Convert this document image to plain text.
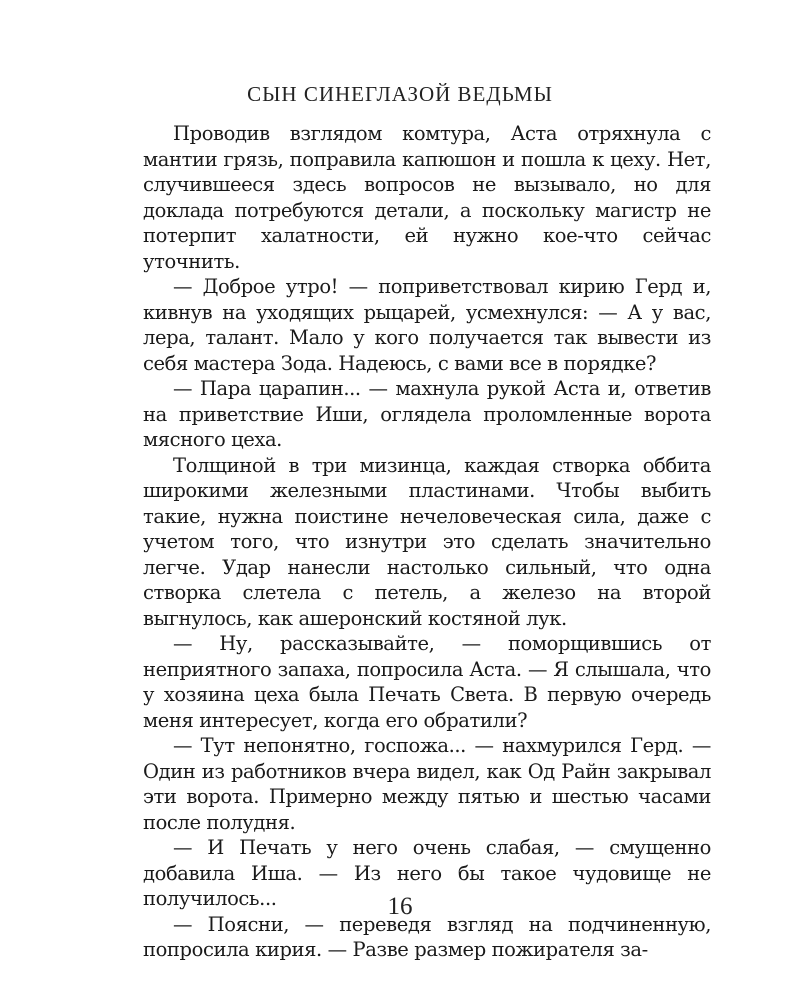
СЫН СИНЕГЛАЗОЙ ВЕДЬМЫ

Проводив взглядом комтура, Аста отряхнула с мантии грязь, поправила капюшон и пошла к цеху. Нет, случившееся здесь вопросов не вызывало, но для доклада потребуются детали, а поскольку магистр не потерпит халатности, ей нужно кое-что сейчас уточнить.

— Доброе утро! — поприветствовал кирию Герд и, кивнув на уходящих рыцарей, усмехнулся: — А у вас, лера, талант. Мало у кого получается так вывести из себя мастера Зода. Надеюсь, с вами все в порядке?

— Пара царапин... — махнула рукой Аста и, ответив на приветствие Иши, оглядела проломленные ворота мясного цеха.

Толщиной в три мизинца, каждая створка оббита широкими железными пластинами. Чтобы выбить такие, нужна поистине нечеловеческая сила, даже с учетом того, что изнутри это сделать значительно легче. Удар нанесли настолько сильный, что одна створка слетела с петель, а железо на второй выгнулось, как ашеронский костяной лук.

— Ну, рассказывайте, — поморщившись от неприятного запаха, попросила Аста. — Я слышала, что у хозяина цеха была Печать Света. В первую очередь меня интересует, когда его обратили?

— Тут непонятно, госпожа... — нахмурился Герд. — Один из работников вчера видел, как Од Райн закрывал эти ворота. Примерно между пятью и шестью часами после полудня.

— И Печать у него очень слабая, — смущенно добавила Иша. — Из него бы такое чудовище не получилось...

— Поясни, — переведя взгляд на подчиненную, попросила кирия. — Разве размер пожирателя за-

16
